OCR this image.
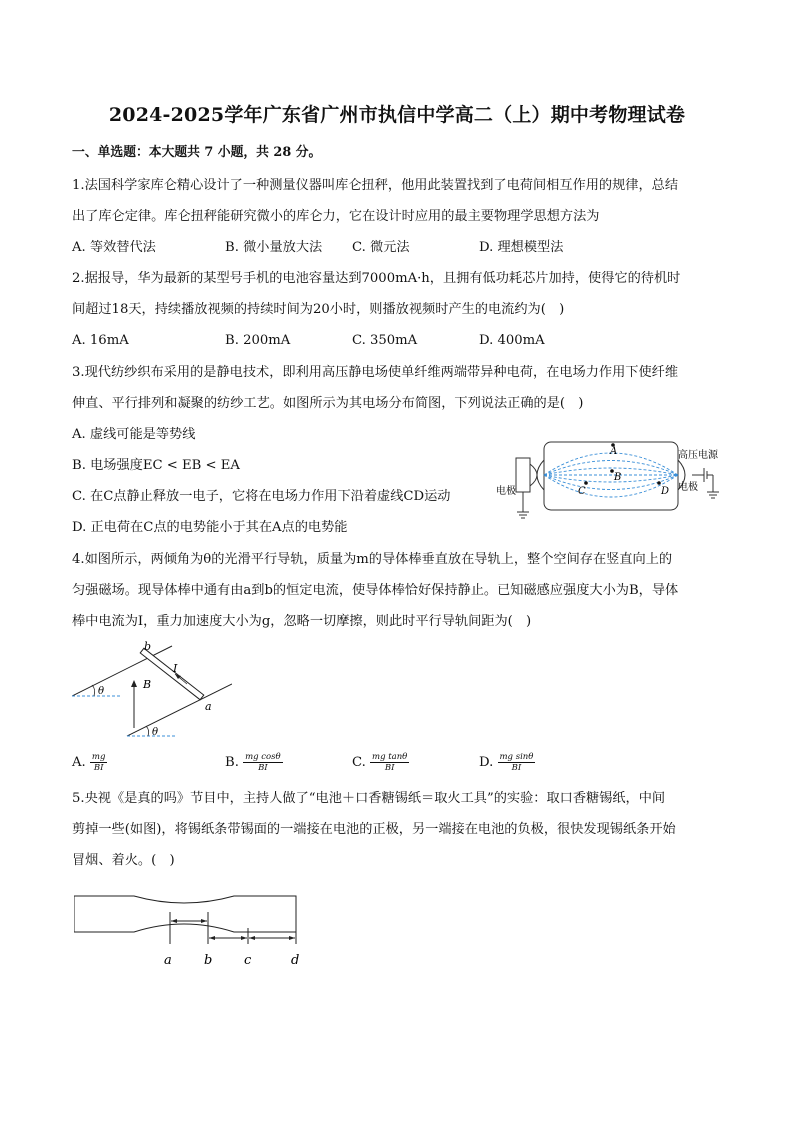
2024-2025学年广东省广州市执信中学高二（上）期中考物理试卷
一、单选题：本大题共 7 小题，共 28 分。
1.法国科学家库仑精心设计了一种测量仪器叫库仑扭秤，他用此装置找到了电荷间相互作用的规律，总结
出了库仑定律。库仑扭秤能研究微小的库仑力，它在设计时应用的最主要物理学思想方法为
A. 等效替代法	B. 微小量放大法 C. 微元法	D. 理想模型法
2.据报导，华为最新的某型号手机的电池容量达到7000mA·h，且拥有低功耗芯片加持，使得它的待机时
间超过18天，持续播放视频的持续时间为20小时，则播放视频时产生的电流约为(　)
A. 16mA	B. 200mA	C. 350mA	D. 400mA
3.现代纺纱织布采用的是静电技术，即利用高压静电场使单纤维两端带异种电荷，在电场力作用下使纤维
伸直、平行排列和凝聚的纺纱工艺。如图所示为其电场分布简图，下列说法正确的是(　)
A. 虚线可能是等势线
B. 电场强度EC < EB < EA
C. 在C点静止释放一电子，它将在电场力作用下沿着虚线CD运动
D. 正电荷在C点的电势能小于其在A点的电势能
A
B
C	D
电极
高压电源
电极
4.如图所示，两倾角为θ的光滑平行导轨，质量为m的导体棒垂直放在导轨上，整个空间存在竖直向上的
匀强磁场。现导体棒中通有由a到b的恒定电流，使导体棒恰好保持静止。已知磁感应强度大小为B，导体
棒中电流为I，重力加速度大小为g，忽略一切摩擦，则此时平行导轨间距为(　)
b
I
B
θ
θ
a
A. $\frac{mg}{BI}$	B. $\frac{\text{mg cosθ}}{BI}$	C. $\frac{\text{mg tanθ}}{BI}$	D. $\frac{\text{mg sinθ}}{BI}$
5.央视《是真的吗》节目中，主持人做了“电池＋口香糖锡纸＝取火工具”的实验：取口香糖锡纸，中间
剪掉一些(如图)，将锡纸条带锡面的一端接在电池的正极，另一端接在电池的负极，很快发现锡纸条开始
冒烟、着火。(　)
a b c	d
